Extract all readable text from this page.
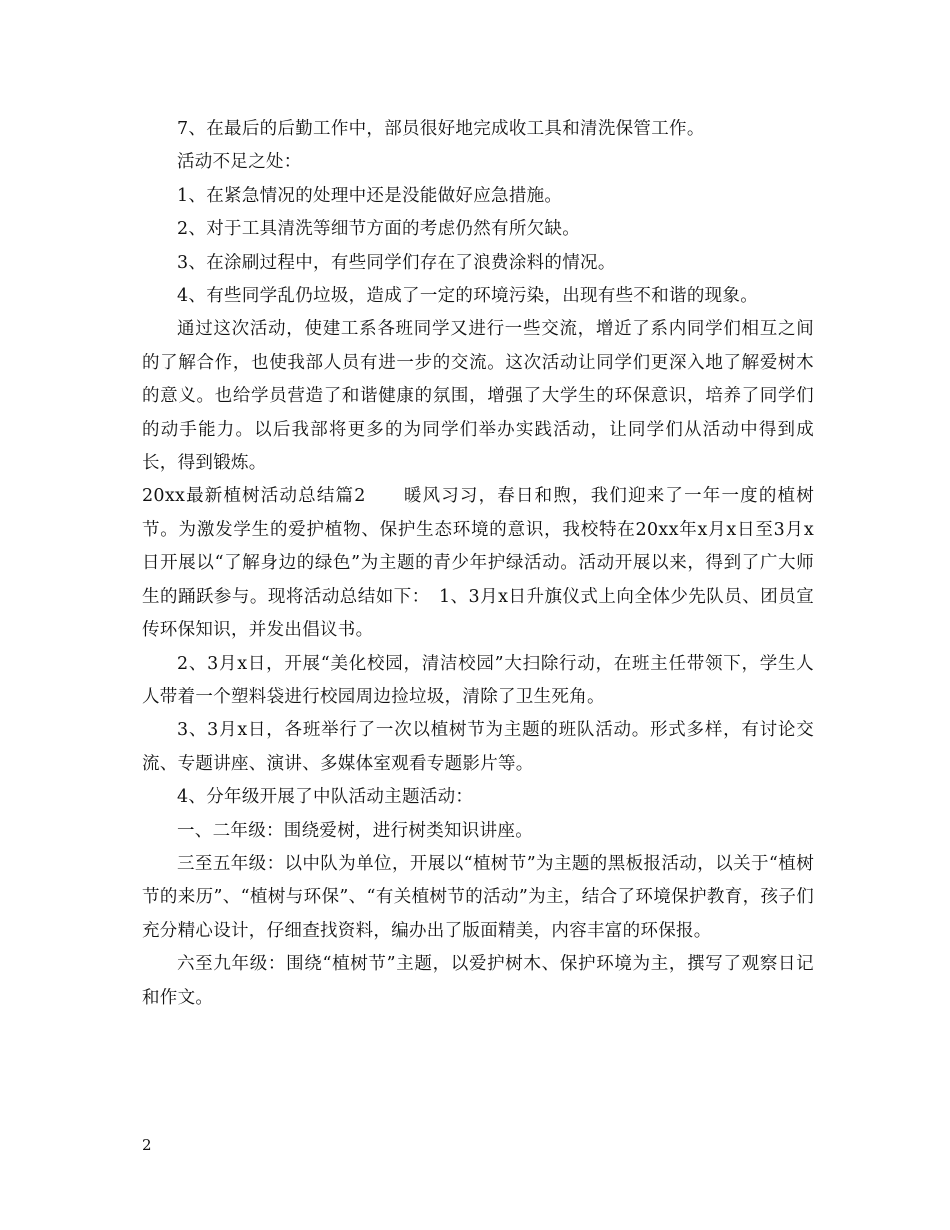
7、在最后的后勤工作中，部员很好地完成收工具和清洗保管工作。

活动不足之处：

1、在紧急情况的处理中还是没能做好应急措施。

2、对于工具清洗等细节方面的考虑仍然有所欠缺。

3、在涂刷过程中，有些同学们存在了浪费涂料的情况。

4、有些同学乱仍垃圾，造成了一定的环境污染，出现有些不和谐的现象。

通过这次活动，使建工系各班同学又进行一些交流，增近了系内同学们相互之间的了解合作，也使我部人员有进一步的交流。这次活动让同学们更深入地了解爱树木的意义。也给学员营造了和谐健康的氛围，增强了大学生的环保意识，培养了同学们的动手能力。以后我部将更多的为同学们举办实践活动，让同学们从活动中得到成长，得到锻炼。

20xx最新植树活动总结篇2　　暖风习习，春日和煦，我们迎来了一年一度的植树节。为激发学生的爱护植物、保护生态环境的意识，我校特在20xx年x月x日至3月x日开展以“了解身边的绿色”为主题的青少年护绿活动。活动开展以来，得到了广大师生的踊跃参与。现将活动总结如下：　1、3月x日升旗仪式上向全体少先队员、团员宣传环保知识，并发出倡议书。

2、3月x日，开展“美化校园，清洁校园”大扫除行动，在班主任带领下，学生人人带着一个塑料袋进行校园周边捡垃圾，清除了卫生死角。

3、3月x日，各班举行了一次以植树节为主题的班队活动。形式多样，有讨论交流、专题讲座、演讲、多媒体室观看专题影片等。

4、分年级开展了中队活动主题活动：

一、二年级：围绕爱树，进行树类知识讲座。

三至五年级：以中队为单位，开展以“植树节”为主题的黑板报活动，以关于“植树节的来历”、“植树与环保”、“有关植树节的活动”为主，结合了环境保护教育，孩子们充分精心设计，仔细查找资料，编办出了版面精美，内容丰富的环保报。

六至九年级：围绕“植树节”主题，以爱护树木、保护环境为主，撰写了观察日记和作文。

2
